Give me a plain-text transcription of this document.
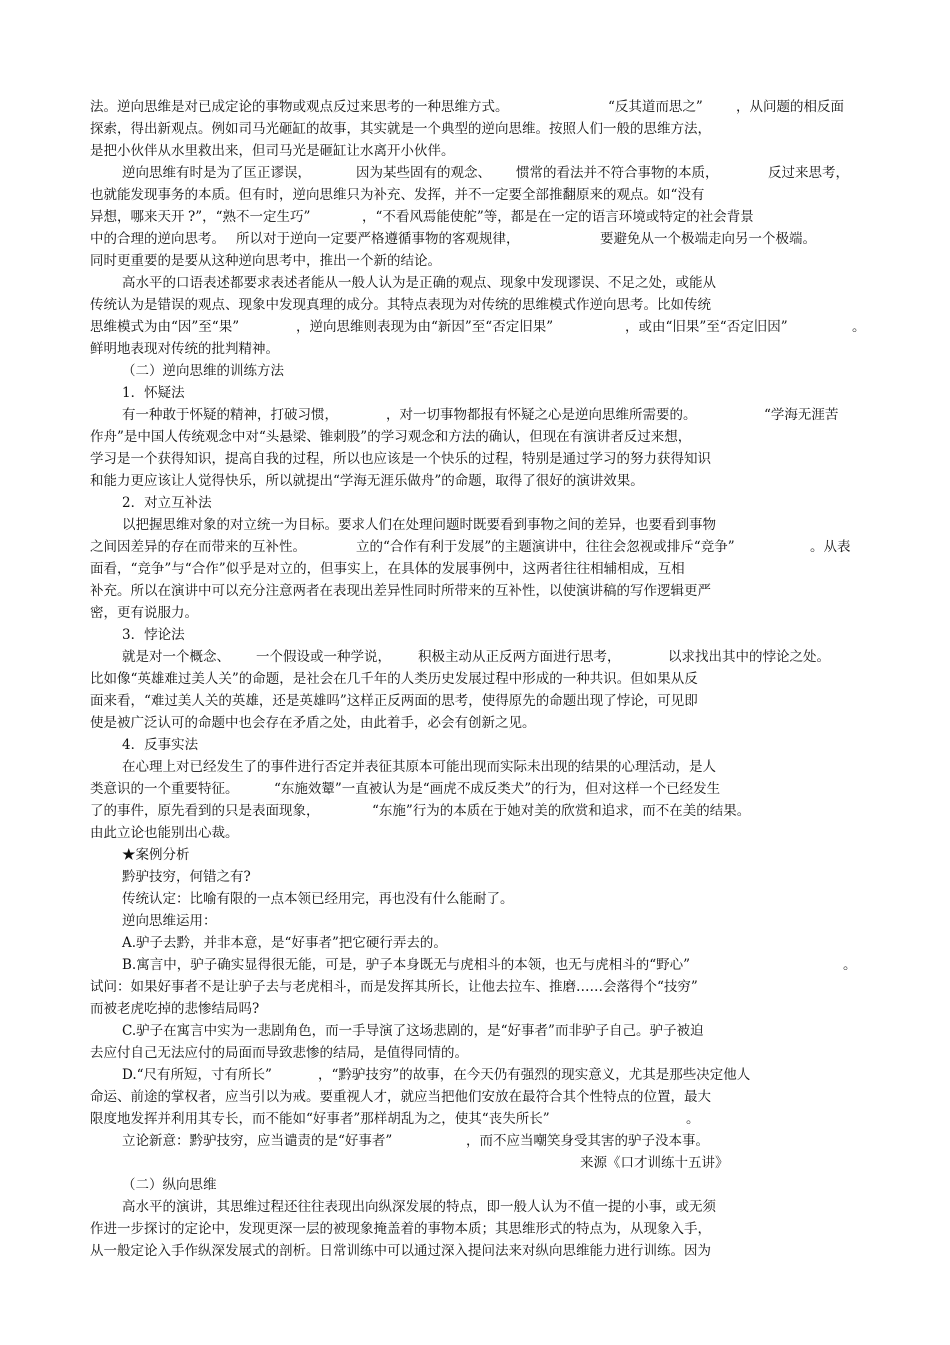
法。逆向思维是对已成定论的事物或观点反过来思考的一种思维方式。	“反其道而思之” ，从问题的相反面
探索，得出新观点。例如司马光砸缸的故事，其实就是一个典型的逆向思维。按照人们一般的思维方法，
是把小伙伴从水里救出来，但司马光是砸缸让水离开小伙伴。
逆向思维有时是为了匡正谬误，	因为某些固有的观念、 惯常的看法并不符合事物的本质，	反过来思考，
也就能发现事务的本质。但有时，逆向思维只为补充、发挥，并不一定要全部推翻原来的观点。如“没有
异想，哪来天开 ?”，“熟不一定生巧”	，“不看风焉能使舵”等，都是在一定的语言环境或特定的社会背景
中的合理的逆向思考。 所以对于逆向一定要严格遵循事物的客观规律，	要避免从一个极端走向另一个极端。
同时更重要的是要从这种逆向思考中，推出一个新的结论。
高水平的口语表述都要求表述者能从一般人认为是正确的观点、现象中发现谬误、不足之处，或能从
传统认为是错误的观点、现象中发现真理的成分。其特点表现为对传统的思维模式作逆向思考。比如传统
思维模式为由“因”至“果”	，逆向思维则表现为由“新因”至“否定旧果”	，或由“旧果”至“否定旧因”	。
鲜明地表现对传统的批判精神。
（二）逆向思维的训练方法
1．怀疑法
有一种敢于怀疑的精神，打破习惯，	，对一切事物都报有怀疑之心是逆向思维所需要的。	“学海无涯苦
作舟”是中国人传统观念中对“头悬梁、锥刺股”的学习观念和方法的确认，但现在有演讲者反过来想，
学习是一个获得知识，提高自我的过程，所以也应该是一个快乐的过程，特别是通过学习的努力获得知识
和能力更应该让人觉得快乐，所以就提出“学海无涯乐做舟”的命题，取得了很好的演讲效果。
2．对立互补法
以把握思维对象的对立统一为目标。要求人们在处理问题时既要看到事物之间的差异，也要看到事物
之间因差异的存在而带来的互补性。	立的“合作有利于发展”的主题演讲中，往往会忽视或排斥“竞争”	。从表
面看，“竞争”与“合作”似乎是对立的，但事实上，在具体的发展事例中，这两者往往相辅相成，互相
补充。所以在演讲中可以充分注意两者在表现出差异性同时所带来的互补性，以使演讲稿的写作逻辑更严
密，更有说服力。
3．悖论法
就是对一个概念、 一个假设或一种学说， 积极主动从正反两方面进行思考，	以求找出其中的悖论之处。
比如像“英雄难过美人关”的命题，是社会在几千年的人类历史发展过程中形成的一种共识。但如果从反
面来看，“难过美人关的英雄，还是英雄吗”这样正反两面的思考，使得原先的命题出现了悖论，可见即
使是被广泛认可的命题中也会存在矛盾之处，由此着手，必会有创新之见。
4．反事实法
在心理上对已经发生了的事件进行否定并表征其原本可能出现而实际未出现的结果的心理活动，是人
类意识的一个重要特征。	“东施效颦”一直被认为是“画虎不成反类犬”的行为，但对这样一个已经发生
了的事件，原先看到的只是表面现象，	“东施”行为的本质在于她对美的欣赏和追求，而不在美的结果。
由此立论也能别出心裁。
★案例分析
黔驴技穷，何错之有?
传统认定：比喻有限的一点本领已经用完，再也没有什么能耐了。
逆向思维运用：
A.驴子去黔，并非本意，是“好事者”把它硬行弄去的。
B.寓言中，驴子确实显得很无能，可是，驴子本身既无与虎相斗的本领，也无与虎相斗的“野心”	。
试问：如果好事者不是让驴子去与老虎相斗，而是发挥其所长，让他去拉车、推磨……会落得个“技穷”
而被老虎吃掉的悲惨结局吗?
C.驴子在寓言中实为一悲剧角色，而一手导演了这场悲剧的，是“好事者”而非驴子自己。驴子被迫
去应付自己无法应付的局面而导致悲惨的结局，是值得同情的。
D.“尺有所短，寸有所长”	，“黔驴技穷”的故事，在今天仍有强烈的现实意义，尤其是那些决定他人
命运、前途的掌权者，应当引以为戒。要重视人才，就应当把他们安放在最符合其个性特点的位置，最大
限度地发挥并利用其专长，而不能如“好事者”那样胡乱为之，使其“丧失所长”	。
立论新意：黔驴技穷，应当谴责的是“好事者”	，而不应当嘲笑身受其害的驴子没本事。
来源《口才训练十五讲》
（二）纵向思维
高水平的演讲，其思维过程还往往表现出向纵深发展的特点，即一般人认为不值一提的小事，或无须
作进一步探讨的定论中，发现更深一层的被现象掩盖着的事物本质；其思维形式的特点为，从现象入手，
从一般定论入手作纵深发展式的剖析。日常训练中可以通过深入提问法来对纵向思维能力进行训练。因为
